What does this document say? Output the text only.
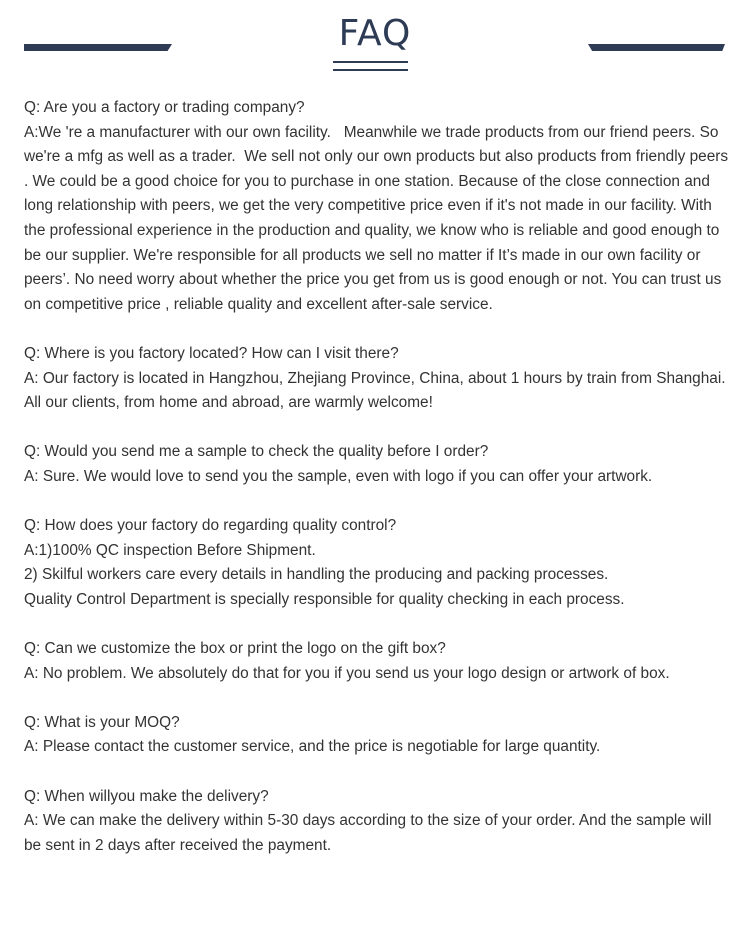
FAQ

Q: Are you a factory or trading company?

A:We 're a manufacturer with our own facility.   Meanwhile we trade products from our friend peers. So we're a mfg as well as a trader.  We sell not only our own products but also products from friendly peers . We could be a good choice for you to purchase in one station. Because of the close connection and long relationship with peers, we get the very competitive price even if it's not made in our facility. With the professional experience in the production and quality, we know who is reliable and good enough to be our supplier. We're responsible for all products we sell no matter if It’s made in our own facility or peers’. No need worry about whether the price you get from us is good enough or not. You can trust us on competitive price , reliable quality and excellent after-sale service.

Q: Where is you factory located? How can I visit there?

A: Our factory is located in Hangzhou, Zhejiang Province, China, about 1 hours by train from Shanghai. All our clients, from home and abroad, are warmly welcome!

Q: Would you send me a sample to check the quality before I order?

A: Sure. We would love to send you the sample, even with logo if you can offer your artwork.

Q: How does your factory do regarding quality control?

A:1)100% QC inspection Before Shipment.

2) Skilful workers care every details in handling the producing and packing processes.

Quality Control Department is specially responsible for quality checking in each process.

Q: Can we customize the box or print the logo on the gift box?

A: No problem. We absolutely do that for you if you send us your logo design or artwork of box.

Q: What is your MOQ?

A: Please contact the customer service, and the price is negotiable for large quantity.

Q: When willyou make the delivery?

A: We can make the delivery within 5-30 days according to the size of your order. And the sample will be sent in 2 days after received the payment.
